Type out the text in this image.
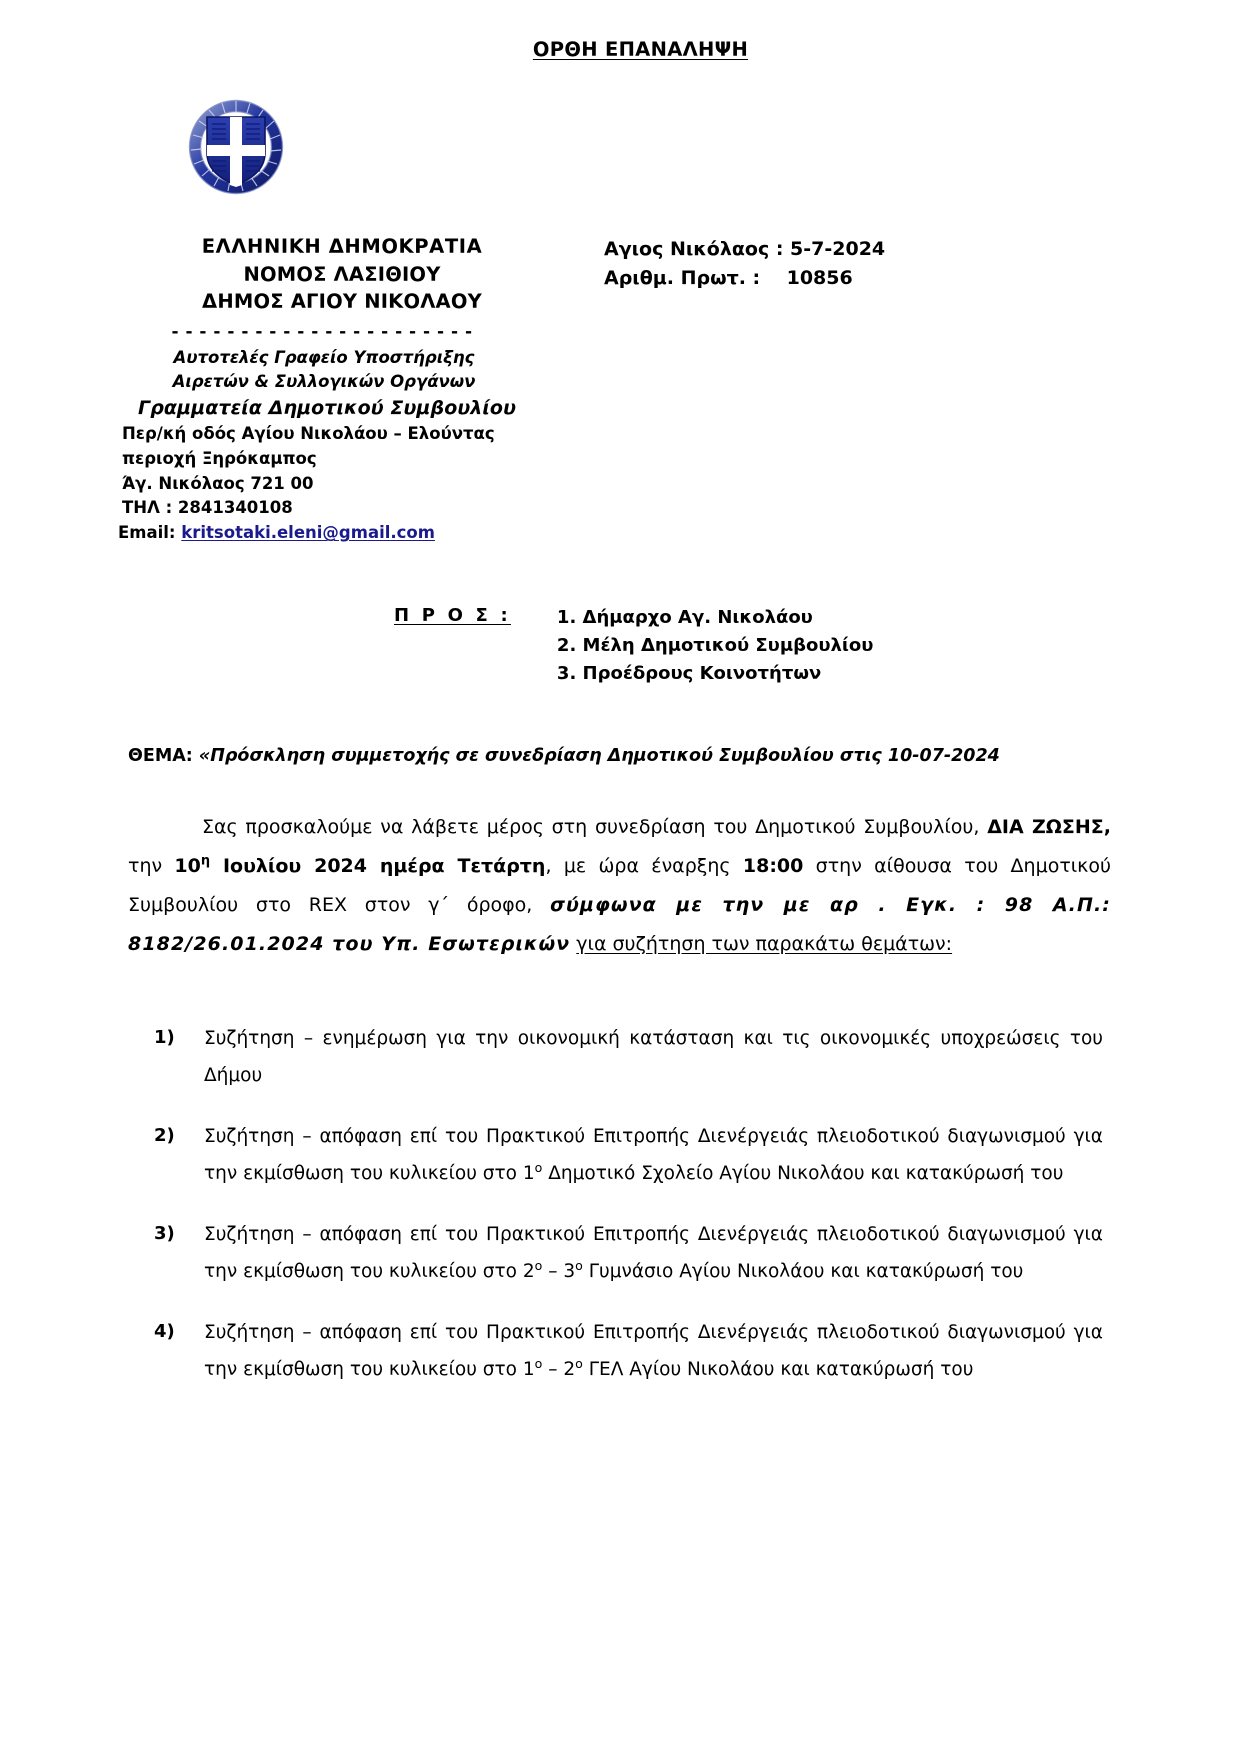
ΟΡΘΗ ΕΠΑΝΑΛΗΨΗ
ΕΛΛΗΝΙΚΗ ΔΗΜΟΚΡΑΤΙΑ
ΝΟΜΟΣ ΛΑΣΙΘΙΟΥ
ΔΗΜΟΣ ΑΓΙΟΥ ΝΙΚΟΛΑΟΥ
- - - - - - - - - - - - - - - - - - - - - -
Αυτοτελές Γραφείο Υποστήριξης
Αιρετών & Συλλογικών Οργάνων
Γραμματεία Δημοτικού Συμβουλίου
Περ/κή οδός Αγίου Νικολάου – Ελούντας
περιοχή Ξηρόκαμπος
Άγ. Νικόλαος 721 00
ΤΗΛ : 2841340108
Email: kritsotaki.eleni@gmail.com
Αγιος Νικόλαος : 5-7-2024
Αριθμ. Πρωτ. :    10856
Π Ρ Ο Σ :	1. Δήμαρχο Αγ. Νικολάου
2. Μέλη Δημοτικού Συμβουλίου
3. Προέδρους Κοινοτήτων
ΘΕΜΑ: «Πρόσκληση συμμετοχής σε συνεδρίαση Δημοτικού Συμβουλίου στις 10-07-2024
Σας προσκαλούμε να λάβετε μέρος στη συνεδρίαση του Δημοτικού Συμβουλίου, ΔΙΑ ΖΩΣΗΣ, την $10^\eta$ Ιουλίου 2024 ημέρα Τετάρτη, με ώρα έναρξης 18:00 στην αίθουσα του Δημοτικού Συμβουλίου στο REX στον γ΄ όροφο, σύμφωνα με την με αρ . Εγκ. : 98 Α.Π.: 8182/26.01.2024 του Υπ. Εσωτερικών για συζήτηση των παρακάτω θεμάτων:
1)	Συζήτηση – ενημέρωση για την οικονομική κατάσταση και τις οικονομικές υποχρεώσεις του Δήμου
2)	Συζήτηση – απόφαση επί του Πρακτικού Επιτροπής Διενέργειάς πλειοδοτικού διαγωνισμού για την εκμίσθωση του κυλικείου στο $1^o$ Δημοτικό Σχολείο Αγίου Νικολάου και κατακύρωσή του
3)	Συζήτηση – απόφαση επί του Πρακτικού Επιτροπής Διενέργειάς πλειοδοτικού διαγωνισμού για την εκμίσθωση του κυλικείου στο $2^o - 3^o$ Γυμνάσιο Αγίου Νικολάου και κατακύρωσή του
4)	Συζήτηση – απόφαση επί του Πρακτικού Επιτροπής Διενέργειάς πλειοδοτικού διαγωνισμού για την εκμίσθωση του κυλικείου στο $1^o - 2^o$ ΓΕΛ Αγίου Νικολάου και κατακύρωσή του
